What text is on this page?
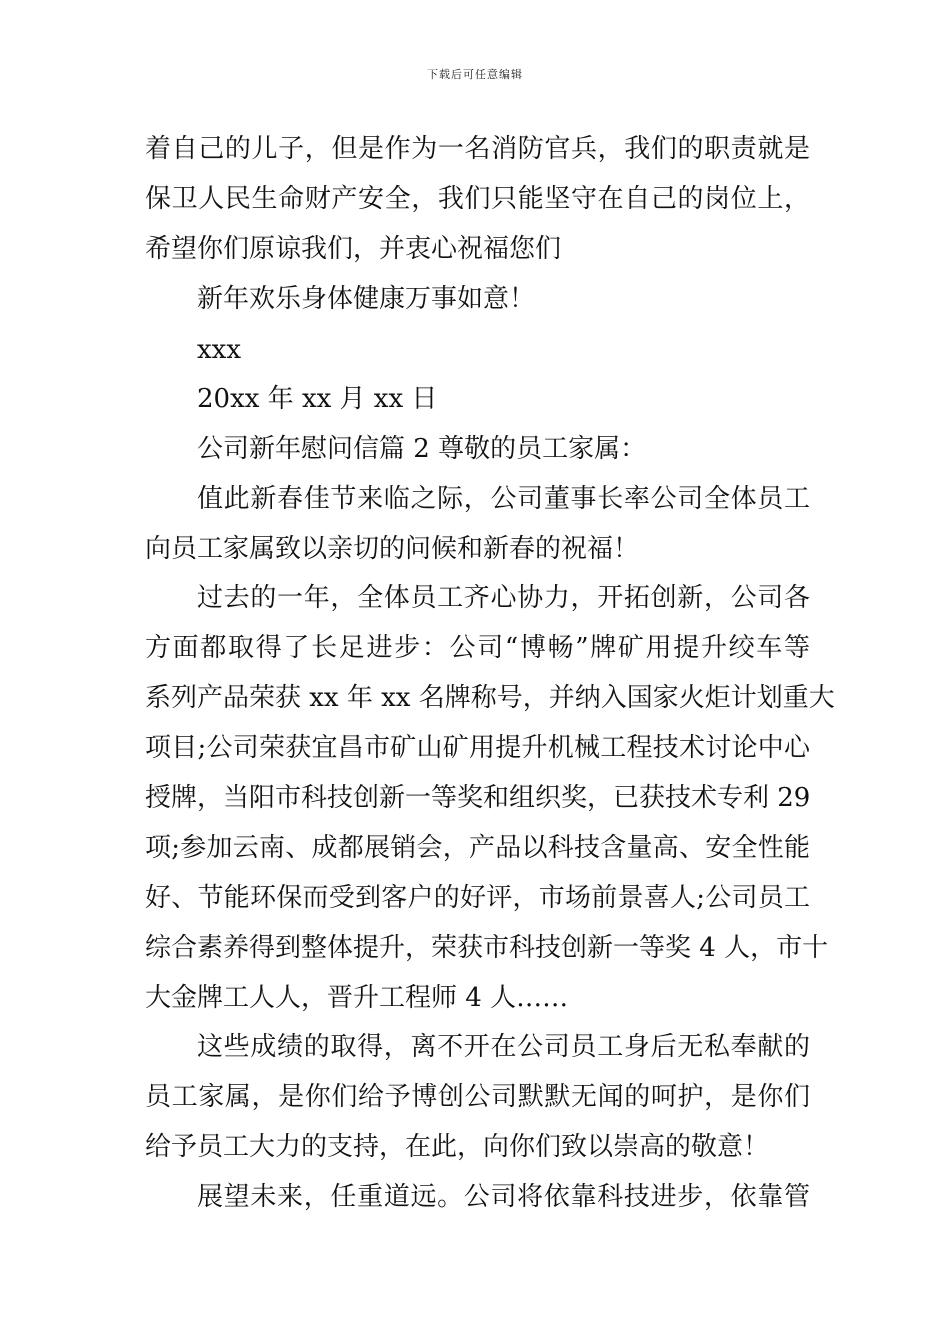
下载后可任意编辑
着自己的儿子，但是作为一名消防官兵，我们的职责就是
保卫人民生命财产安全，我们只能坚守在自己的岗位上，
希望你们原谅我们，并衷心祝福您们
新年欢乐身体健康万事如意！
xxx
20xx 年 xx 月 xx 日
公司新年慰问信篇 2 尊敬的员工家属：
值此新春佳节来临之际，公司董事长率公司全体员工
向员工家属致以亲切的问候和新春的祝福！
过去的一年，全体员工齐心协力，开拓创新，公司各
方面都取得了长足进步：公司“博畅”牌矿用提升绞车等
系列产品荣获 xx 年 xx 名牌称号，并纳入国家火炬计划重大
项目;公司荣获宜昌市矿山矿用提升机械工程技术讨论中心
授牌，当阳市科技创新一等奖和组织奖，已获技术专利 29
项;参加云南、成都展销会，产品以科技含量高、安全性能
好、节能环保而受到客户的好评，市场前景喜人;公司员工
综合素养得到整体提升，荣获市科技创新一等奖 4 人，市十
大金牌工人人，晋升工程师 4 人……
这些成绩的取得，离不开在公司员工身后无私奉献的
员工家属，是你们给予博创公司默默无闻的呵护，是你们
给予员工大力的支持，在此，向你们致以崇高的敬意！
展望未来，任重道远。公司将依靠科技进步，依靠管
